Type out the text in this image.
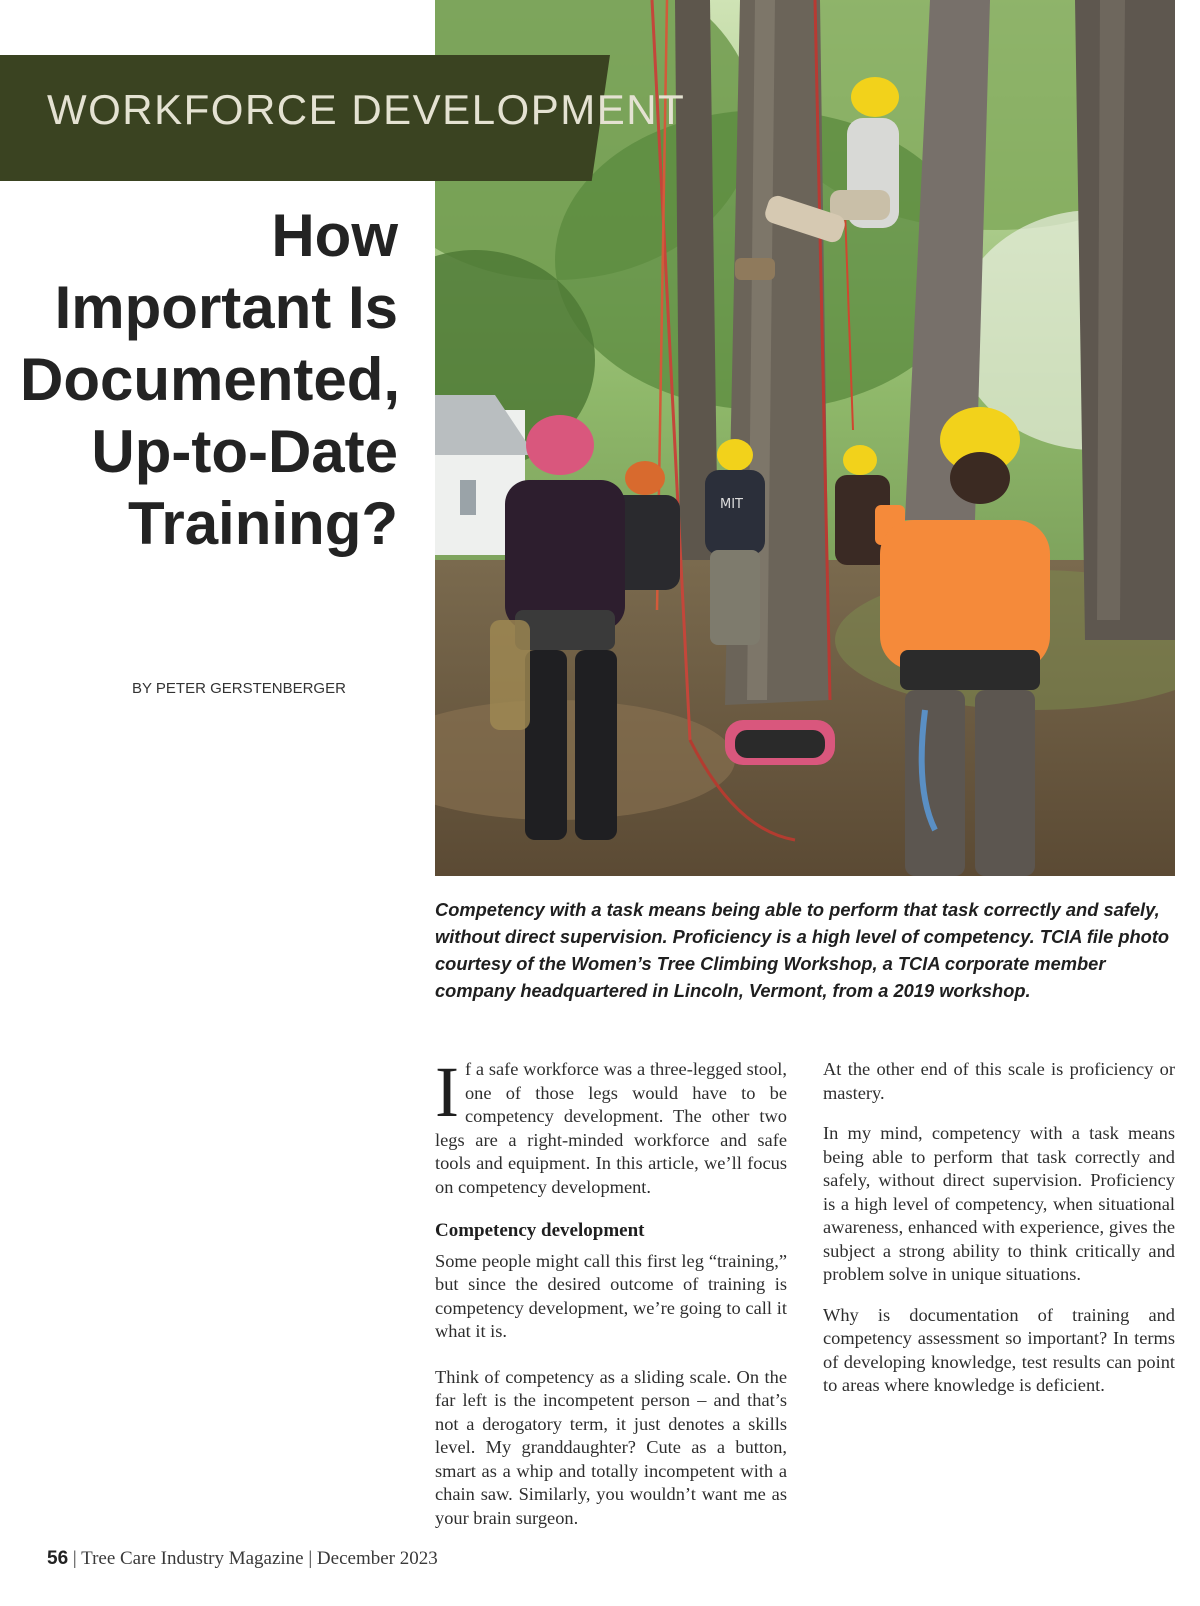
WORKFORCE DEVELOPMENT
How Important Is Documented, Up-to-Date Training?
BY PETER GERSTENBERGER
MIT
Competency with a task means being able to perform that task correctly and safely, without direct supervision. Proficiency is a high level of competency. TCIA file photo courtesy of the Women’s Tree Climbing Workshop, a TCIA corporate member company headquartered in Lincoln, Vermont, from a 2019 workshop.

If a safe workforce was a three-legged stool, one of those legs would have to be competency development. The other two legs are a right-minded workforce and safe tools and equipment. In this article, we’ll focus on competency development.

Competency development

Some people might call this first leg “training,” but since the desired outcome of training is competency development, we’re going to call it what it is.

Think of competency as a sliding scale. On the far left is the incompetent person – and that’s not a derogatory term, it just denotes a skills level. My granddaughter? Cute as a button, smart as a whip and totally incompetent with a chain saw. Similarly, you wouldn’t want me as your brain surgeon.

At the other end of this scale is proficiency or mastery.

In my mind, competency with a task means being able to perform that task correctly and safely, without direct supervision. Proficiency is a high level of competency, when situational awareness, enhanced with experience, gives the subject a strong ability to think critically and problem solve in unique situations.

Why is documentation of training and competency assessment so important? In terms of developing knowledge, test results can point to areas where knowledge is deficient.

56 | Tree Care Industry Magazine | December 2023
